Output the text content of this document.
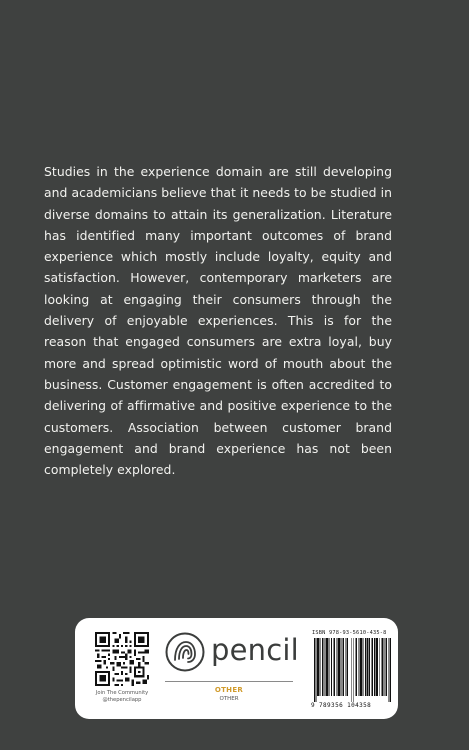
Studies in the experience domain are still developing and academicians believe that it needs to be studied in diverse domains to attain its generalization. Literature has identified many important outcomes of brand experience which mostly include loyalty, equity and satisfaction. However, contemporary marketers are looking at engaging their consumers through the delivery of enjoyable experiences. This is for the reason that engaged consumers are extra loyal, buy more and spread optimistic word of mouth about the business. Customer engagement is often accredited to delivering of affirmative and positive experience to the customers. Association between customer brand engagement and brand experience has not been completely explored.

Join The Community
@thepencilapp
pencil
OTHER
OTHER
ISBN 978-93-5610-435-8
9 789356 104358
